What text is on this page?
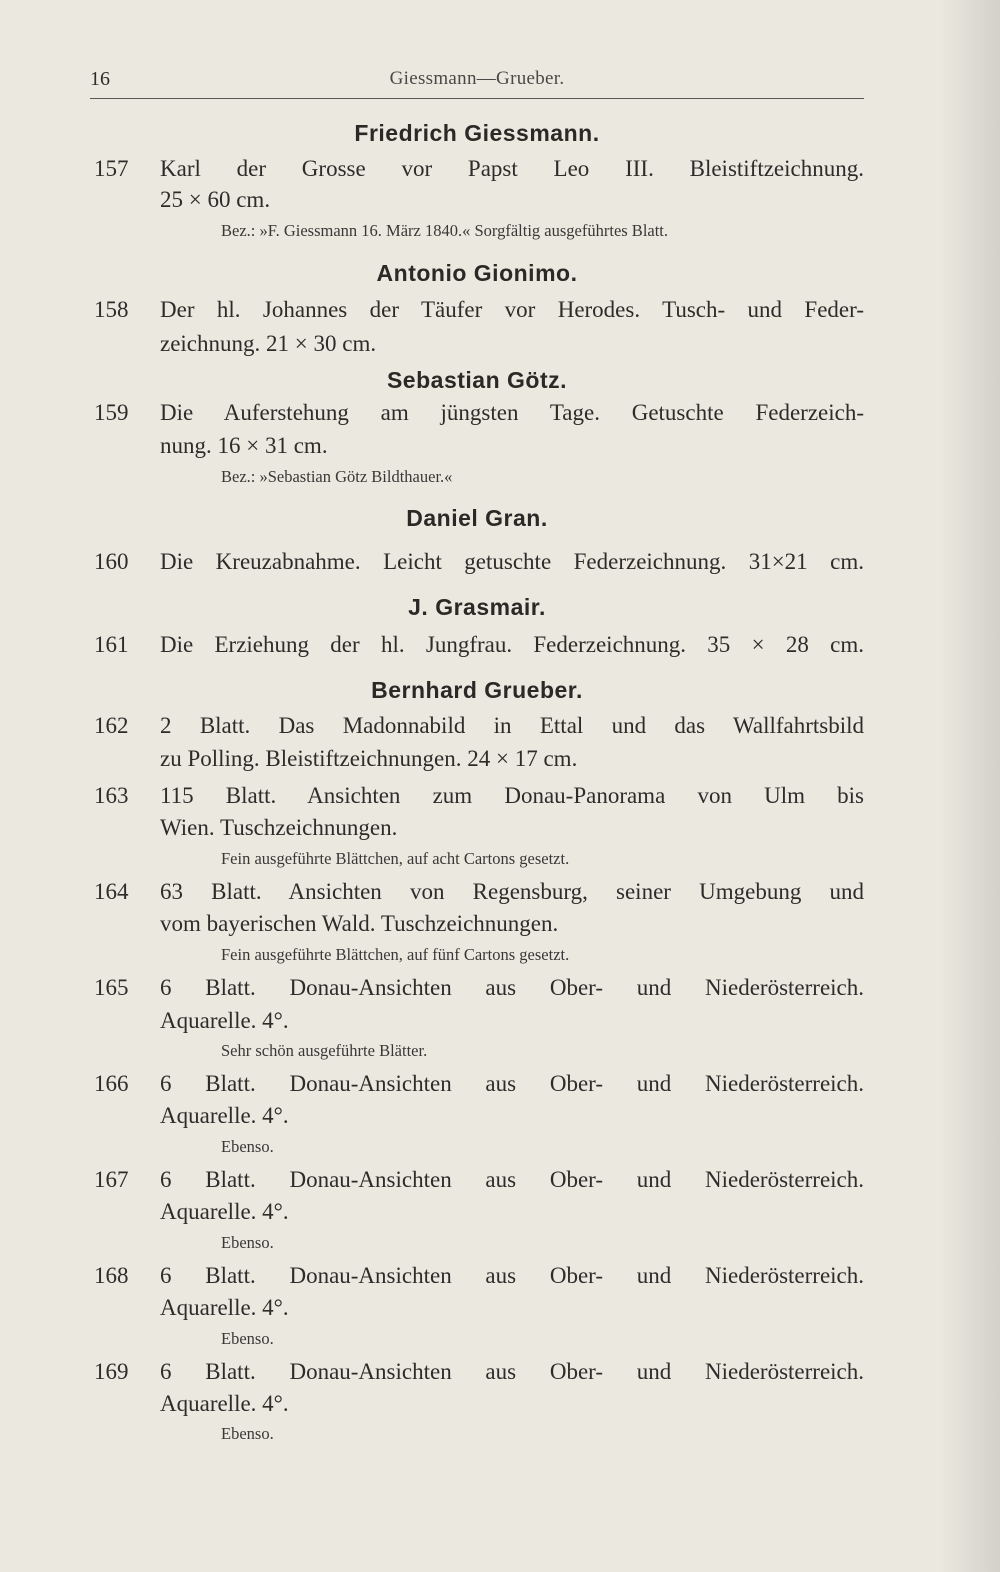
16	Giessmann—Grueber.
Friedrich Giessmann.
157 Karl der Grosse vor Papst Leo III. Bleistiftzeichnung.
25 × 60 cm.
Bez.: »F. Giessmann 16. März 1840.« Sorgfältig ausgeführtes Blatt.
Antonio Gionimo.
158 Der hl. Johannes der Täufer vor Herodes. Tusch- und Feder-
zeichnung. 21 × 30 cm.
Sebastian Götz.
159 Die Auferstehung am jüngsten Tage. Getuschte Federzeich-
nung. 16 × 31 cm.
Bez.: »Sebastian Götz Bildthauer.«
Daniel Gran.
160 Die Kreuzabnahme. Leicht getuschte Federzeichnung. 31×21 cm.
J. Grasmair.
161 Die Erziehung der hl. Jungfrau. Federzeichnung. 35 × 28 cm.
Bernhard Grueber.
162 2 Blatt. Das Madonnabild in Ettal und das Wallfahrtsbild
zu Polling. Bleistiftzeichnungen. 24 × 17 cm.
163 115 Blatt. Ansichten zum Donau-Panorama von Ulm bis
Wien. Tuschzeichnungen.
Fein ausgeführte Blättchen, auf acht Cartons gesetzt.
164 63 Blatt. Ansichten von Regensburg, seiner Umgebung und
vom bayerischen Wald. Tuschzeichnungen.
Fein ausgeführte Blättchen, auf fünf Cartons gesetzt.
165 6 Blatt. Donau-Ansichten aus Ober- und Niederösterreich.
Aquarelle. 4°.
Sehr schön ausgeführte Blätter.
166 6 Blatt. Donau-Ansichten aus Ober- und Niederösterreich.
Aquarelle. 4°.
Ebenso.
167 6 Blatt. Donau-Ansichten aus Ober- und Niederösterreich.
Aquarelle. 4°.
Ebenso.
168 6 Blatt. Donau-Ansichten aus Ober- und Niederösterreich.
Aquarelle. 4°.
Ebenso.
169 6 Blatt. Donau-Ansichten aus Ober- und Niederösterreich.
Aquarelle. 4°.
Ebenso.
